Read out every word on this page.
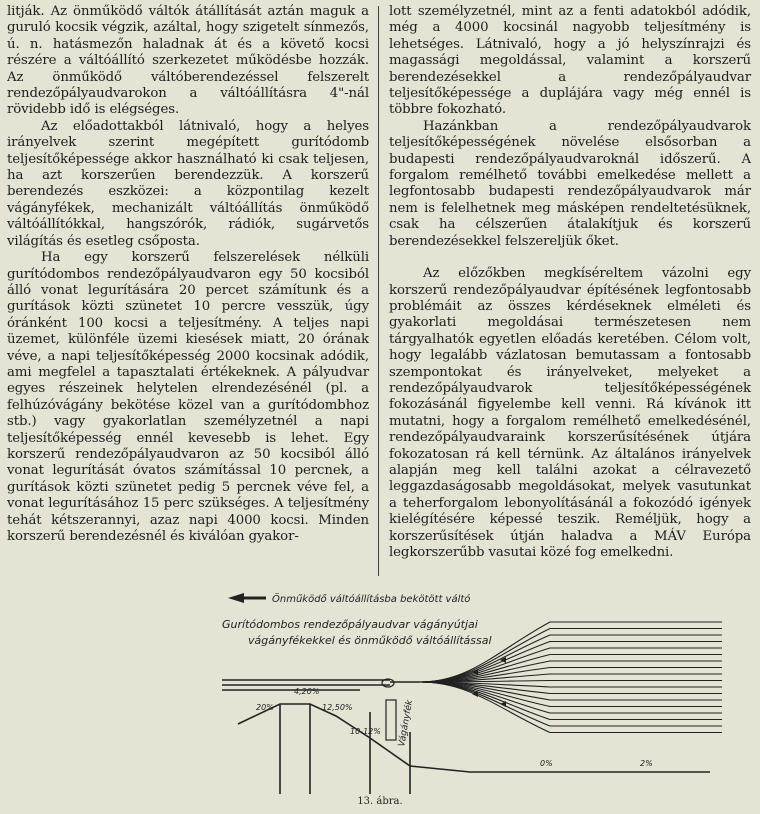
litják. Az önműködő váltók átállítását aztán maguk a guruló kocsik végzik, azáltal, hogy szigetelt sínmezős, ú. n. hatásmezőn haladnak át és a követő kocsi részére a váltóállító szerkezetet működésbe hozzák. Az önműködő váltóberendezéssel felszerelt rendezőpályaudvarokon a váltóállításra 4"-nál rövidebb idő is elégséges.

Az előadottakból látnivaló, hogy a helyes irányelvek szerint megépített gurítódomb teljesítőképessége akkor használható ki csak teljesen, ha azt korszerűen berendezzük. A korszerű berendezés eszközei: a központilag kezelt vágányfékek, mechanizált váltóállítás önműködő váltóállítókkal, hangszórók, rádiók, sugárvetős világítás és esetleg csőposta.

Ha egy korszerű felszerelések nélküli gurítódombos rendezőpályaudvaron egy 50 kocsiból álló vonat legurítására 20 percet számítunk és a gurítások közti szünetet 10 percre vesszük, úgy óránként 100 kocsi a teljesítmény. A teljes napi üzemet, különféle üzemi kiesések miatt, 20 órának véve, a napi teljesítőképesség 2000 kocsinak adódik, ami megfelel a tapasztalati értékeknek. A pályudvar egyes részeinek helytelen elrendezésénél (pl. a felhúzóvágány bekötése közel van a gurítódombhoz stb.) vagy gyakorlatlan személyzetnél a napi teljesítőképesség ennél kevesebb is lehet. Egy korszerű rendezőpályaudvaron az 50 kocsiból álló vonat legurítását óvatos számítással 10 percnek, a gurítások közti szünetet pedig 5 percnek véve fel, a vonat legurításához 15 perc szükséges. A teljesítmény tehát kétszerannyi, azaz napi 4000 kocsi. Minden korszerű berendezésnél és kiválóan gyakor-

lott személyzetnél, mint az a fenti adatokból adódik, még a 4000 kocsinál nagyobb teljesítmény is lehetséges. Látnivaló, hogy a jó helyszínrajzi és magassági megoldással, valamint a korszerű berendezésekkel a rendezőpályaudvar teljesítőképessége a duplájára vagy még ennél is többre fokozható.

Hazánkban a rendezőpályaudvarok teljesítőképességének növelése elsősorban a budapesti rendezőpályaudvaroknál időszerű. A forgalom remélhető további emelkedése mellett a legfontosabb budapesti rendezőpályaudvarok már nem is felelhetnek meg másképen rendeltetésüknek, csak ha célszerűen átalakítjuk és korszerű berendezésekkel felszereljük őket.

Az előzőkben megkíséreltem vázolni egy korszerű rendezőpályaudvar építésének legfontosabb problémáit az összes kérdéseknek elméleti és gyakorlati megoldásai természetesen nem tárgyalhatók egyetlen előadás keretében. Célom volt, hogy legalább vázlatosan bemutassam a fontosabb szempontokat és irányelveket, melyeket a rendezőpályaudvarok teljesítőképességének fokozásánál figyelembe kell venni. Rá kívánok itt mutatni, hogy a forgalom remélhető emelkedésénél, rendezőpályaudvaraink korszerűsítésének útjára fokozatosan rá kell térnünk. Az általános irányelvek alapján meg kell találni azokat a célravezető leggazdaságosabb megoldásokat, melyek vasutunkat a teherforgalom lebonyolításánál a fokozódó igények kielégítésére képessé teszik. Reméljük, hogy a korszerűsítések útján haladva a MÁV Európa legkorszerűbb vasutai közé fog emelkedni.

Önműködő váltóállításba bekötött váltó
Gurítódombos rendezőpályaudvar vágányútjai
vágányfékekkel és önműködő váltóállítással
Vágányfék
4,20%
20%	12,50%
10-12%
0%	2%
13. ábra.
